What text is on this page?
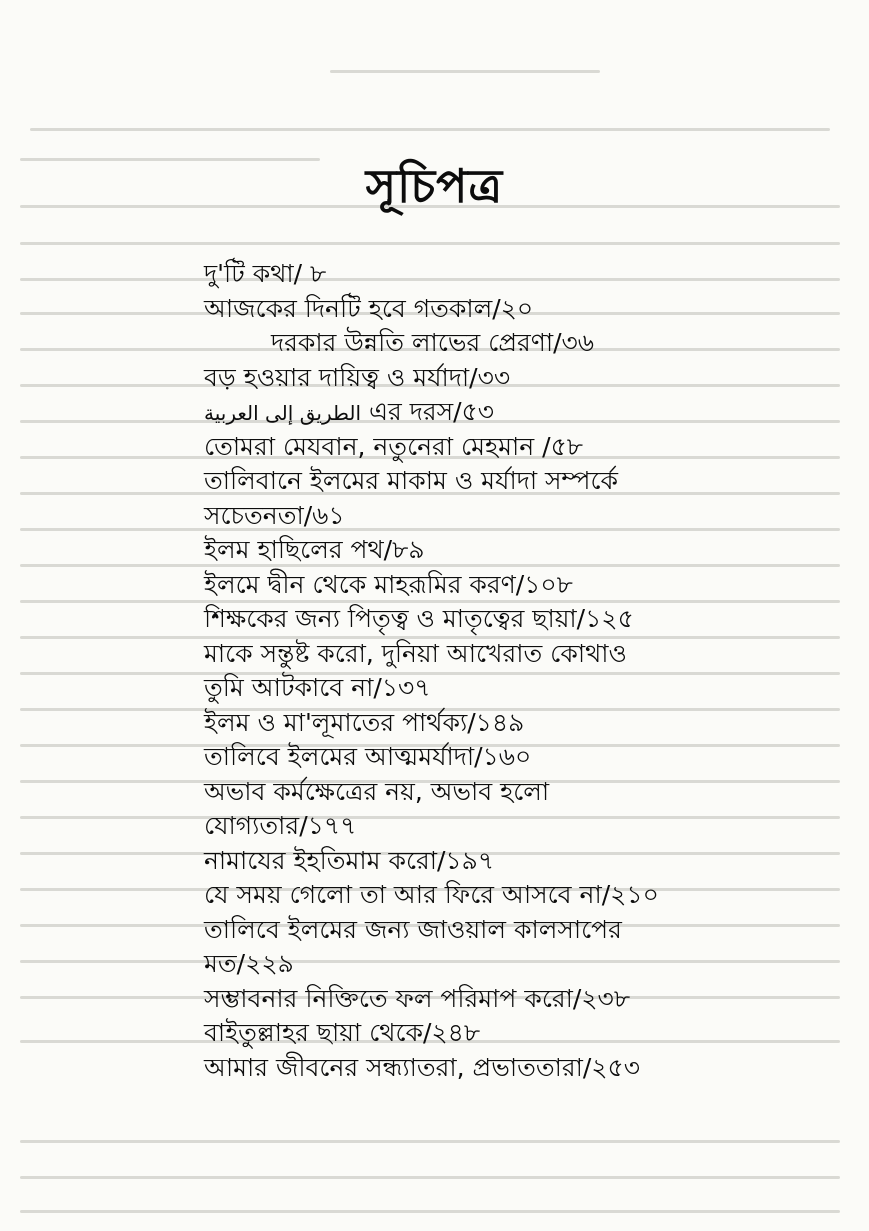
সূচিপত্র
দু'টি কথা/ ৮
আজকের দিনটি হবে গতকাল/২০
দরকার উন্নতি লাভের প্রেরণা/৩৬
বড় হওয়ার দায়িত্ব ও মর্যাদা/৩৩
الطريق إلى العربية এর দরস/৫৩
তোমরা মেযবান, নতুনেরা মেহমান /৫৮
তালিবানে ইলমের মাকাম ও মর্যাদা সম্পর্কে
সচেতনতা/৬১
ইলম হাছিলের পথ/৮৯
ইলমে দ্বীন থেকে মাহরূমির করণ/১০৮
শিক্ষকের জন্য পিতৃত্ব ও মাতৃত্বের ছায়া/১২৫
মাকে সন্তুষ্ট করো, দুনিয়া আখেরাত কোথাও
তুমি আটকাবে না/১৩৭
ইলম ও মা'লূমাতের পার্থক্য/১৪৯
তালিবে ইলমের আত্মমর্যাদা/১৬০
অভাব কর্মক্ষেত্রের নয়, অভাব হলো
যোগ্যতার/১৭৭
নামাযের ইহতিমাম করো/১৯৭
যে সময় গেলো তা আর ফিরে আসবে না/২১০
তালিবে ইলমের জন্য জাওয়াল কালসাপের
মত/২২৯
সম্ভাবনার নিক্তিতে ফল পরিমাপ করো/২৩৮
বাইতুল্লাহর ছায়া থেকে/২৪৮
আমার জীবনের সন্ধ্যাতরা, প্রভাততারা/২৫৩
